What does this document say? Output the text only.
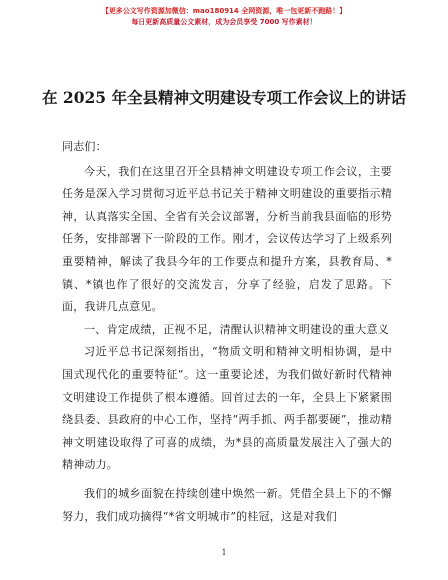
【更多公文写作资源加微信：mao180914 全网资源，唯一包更新不跑路！】
每日更新高质量公文素材，成为会员享受 7000 写作素材！
在 2025 年全县精神文明建设专项工作会议上的讲话

同志们：

今天，我们在这里召开全县精神文明建设专项工作会议，主要任务是深入学习贯彻习近平总书记关于精神文明建设的重要指示精神，认真落实全国、全省有关会议部署，分析当前我县面临的形势任务，安排部署下一阶段的工作。刚才，会议传达学习了上级系列重要精神，解读了我县今年的工作要点和提升方案，县教育局、*镇、*镇也作了很好的交流发言，分享了经验，启发了思路。下面，我讲几点意见。

一、肯定成绩，正视不足，清醒认识精神文明建设的重大意义

习近平总书记深刻指出，“物质文明和精神文明相协调，是中国式现代化的重要特征”。这一重要论述，为我们做好新时代精神文明建设工作提供了根本遵循。回首过去的一年，全县上下紧紧围绕县委、县政府的中心工作，坚持“两手抓、两手都要硬”，推动精神文明建设取得了可喜的成绩，为*县的高质量发展注入了强大的精神动力。

我们的城乡面貌在持续创建中焕然一新。凭借全县上下的不懈努力，我们成功摘得“*省文明城市”的桂冠，这是对我们

1
